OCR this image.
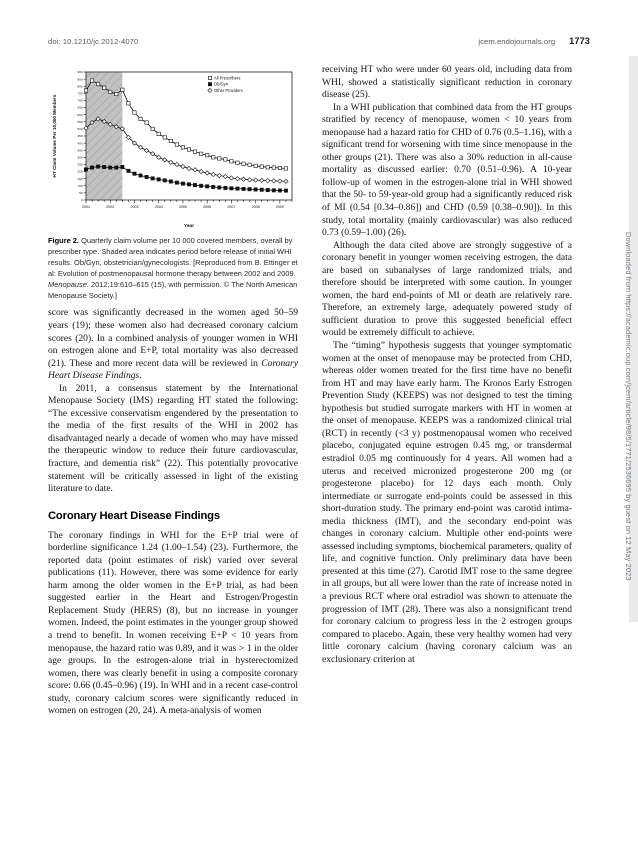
doi: 10.1210/jc.2012-4070	jcem.endojournals.org 1773
0
50
100
150
200
250
300
350
400
450
500
550
600
650
700
750
800
850
900
2001	2002	2003	2004	2005	2006	2007	2008	2009
All Prescribers
Ob/Gyn
Other Providers
HT Claim Volume Per 10,000 Members
Year
Figure 2. Quarterly claim volume per 10 000 covered members, overall by prescriber type. Shaded area indicates period before release of initial WHI results. Ob/Gyn, obstetrician/gynecologists. [Reproduced from B. Ettinger et al: Evolution of postmenopausal hormone therapy between 2002 and 2009. Menopause. 2012;19:610–615 (15), with permission. © The North American Menopause Society.]

score was significantly decreased in the women aged 50–59 years (19); these women also had decreased coronary calcium scores (20). In a combined analysis of younger women in WHI on estrogen alone and E+P, total mortality was also decreased (21). These and more recent data will be reviewed in Coronary Heart Disease Findings.

In 2011, a consensus statement by the International Menopause Society (IMS) regarding HT stated the following: “The excessive conservatism engendered by the presentation to the media of the first results of the WHI in 2002 has disadvantaged nearly a decade of women who may have missed the therapeutic window to reduce their future cardiovascular, fracture, and dementia risk” (22). This potentially provocative statement will be critically assessed in light of the existing literature to date.

Coronary Heart Disease Findings

The coronary findings in WHI for the E+P trial were of borderline significance 1.24 (1.00–1.54) (23). Furthermore, the reported data (point estimates of risk) varied over several publications (11). However, there was some evidence for early harm among the older women in the E+P trial, as had been suggested earlier in the Heart and Estrogen/Progestin Replacement Study (HERS) (8), but no increase in younger women. Indeed, the point estimates in the younger group showed a trend to benefit. In women receiving E+P < 10 years from menopause, the hazard ratio was 0.89, and it was > 1 in the older age groups. In the estrogen-alone trial in hysterectomized women, there was clearly benefit in using a composite coronary score: 0.66 (0.45–0.96) (19). In WHI and in a recent case-control study, coronary calcium scores were significantly reduced in women on estrogen (20, 24). A meta-analysis of women

receiving HT who were under 60 years old, including data from WHI, showed a statistically significant reduction in coronary disease (25).

In a WHI publication that combined data from the HT groups stratified by recency of menopause, women < 10 years from menopause had a hazard ratio for CHD of 0.76 (0.5–1.16), with a significant trend for worsening with time since menopause in the other groups (21). There was also a 30% reduction in all-cause mortality as discussed earlier: 0.70 (0.51–0.96). A 10-year follow-up of women in the estrogen-alone trial in WHI showed that the 50- to 59-year-old group had a significantly reduced risk of MI (0.54 [0.34–0.86]) and CHD (0.59 [0.38–0.90]). In this study, total mortality (mainly cardiovascular) was also reduced 0.73 (0.59–1.00) (26).

Although the data cited above are strongly suggestive of a coronary benefit in younger women receiving estrogen, the data are based on subanalyses of large randomized trials, and therefore should be interpreted with some caution. In younger women, the hard end-points of MI or death are relatively rare. Therefore, an extremely large, adequately powered study of sufficient duration to prove this suggested beneficial effect would be extremely difficult to achieve.

The “timing” hypothesis suggests that younger symptomatic women at the onset of menopause may be protected from CHD, whereas older women treated for the first time have no benefit from HT and may have early harm. The Kronos Early Estrogen Prevention Study (KEEPS) was not designed to test the timing hypothesis but studied surrogate markers with HT in women at the onset of menopause. KEEPS was a randomized clinical trial (RCT) in recently (<3 y) postmenopausal women who received placebo, conjugated equine estrogen 0.45 mg, or transdermal estradiol 0.05 mg continuously for 4 years. All women had a uterus and received micronized progesterone 200 mg (or progesterone placebo) for 12 days each month. Only intermediate or surrogate end-points could be assessed in this short-duration study. The primary end-point was carotid intima-media thickness (IMT), and the secondary end-point was changes in coronary calcium. Multiple other end-points were assessed including symptoms, biochemical parameters, quality of life, and cognitive function. Only preliminary data have been presented at this time (27). Carotid IMT rose to the same degree in all groups, but all were lower than the rate of increase noted in a previous RCT where oral estradiol was shown to attenuate the progression of IMT (28). There was also a nonsignificant trend for coronary calcium to progress less in the 2 estrogen groups compared to placebo. Again, these very healthy women had very little coronary calcium (having coronary calcium was an exclusionary criterion at

Downloaded from https://academic.oup.com/jcem/article/98/5/1771/2536695 by guest on 12 May 2023
